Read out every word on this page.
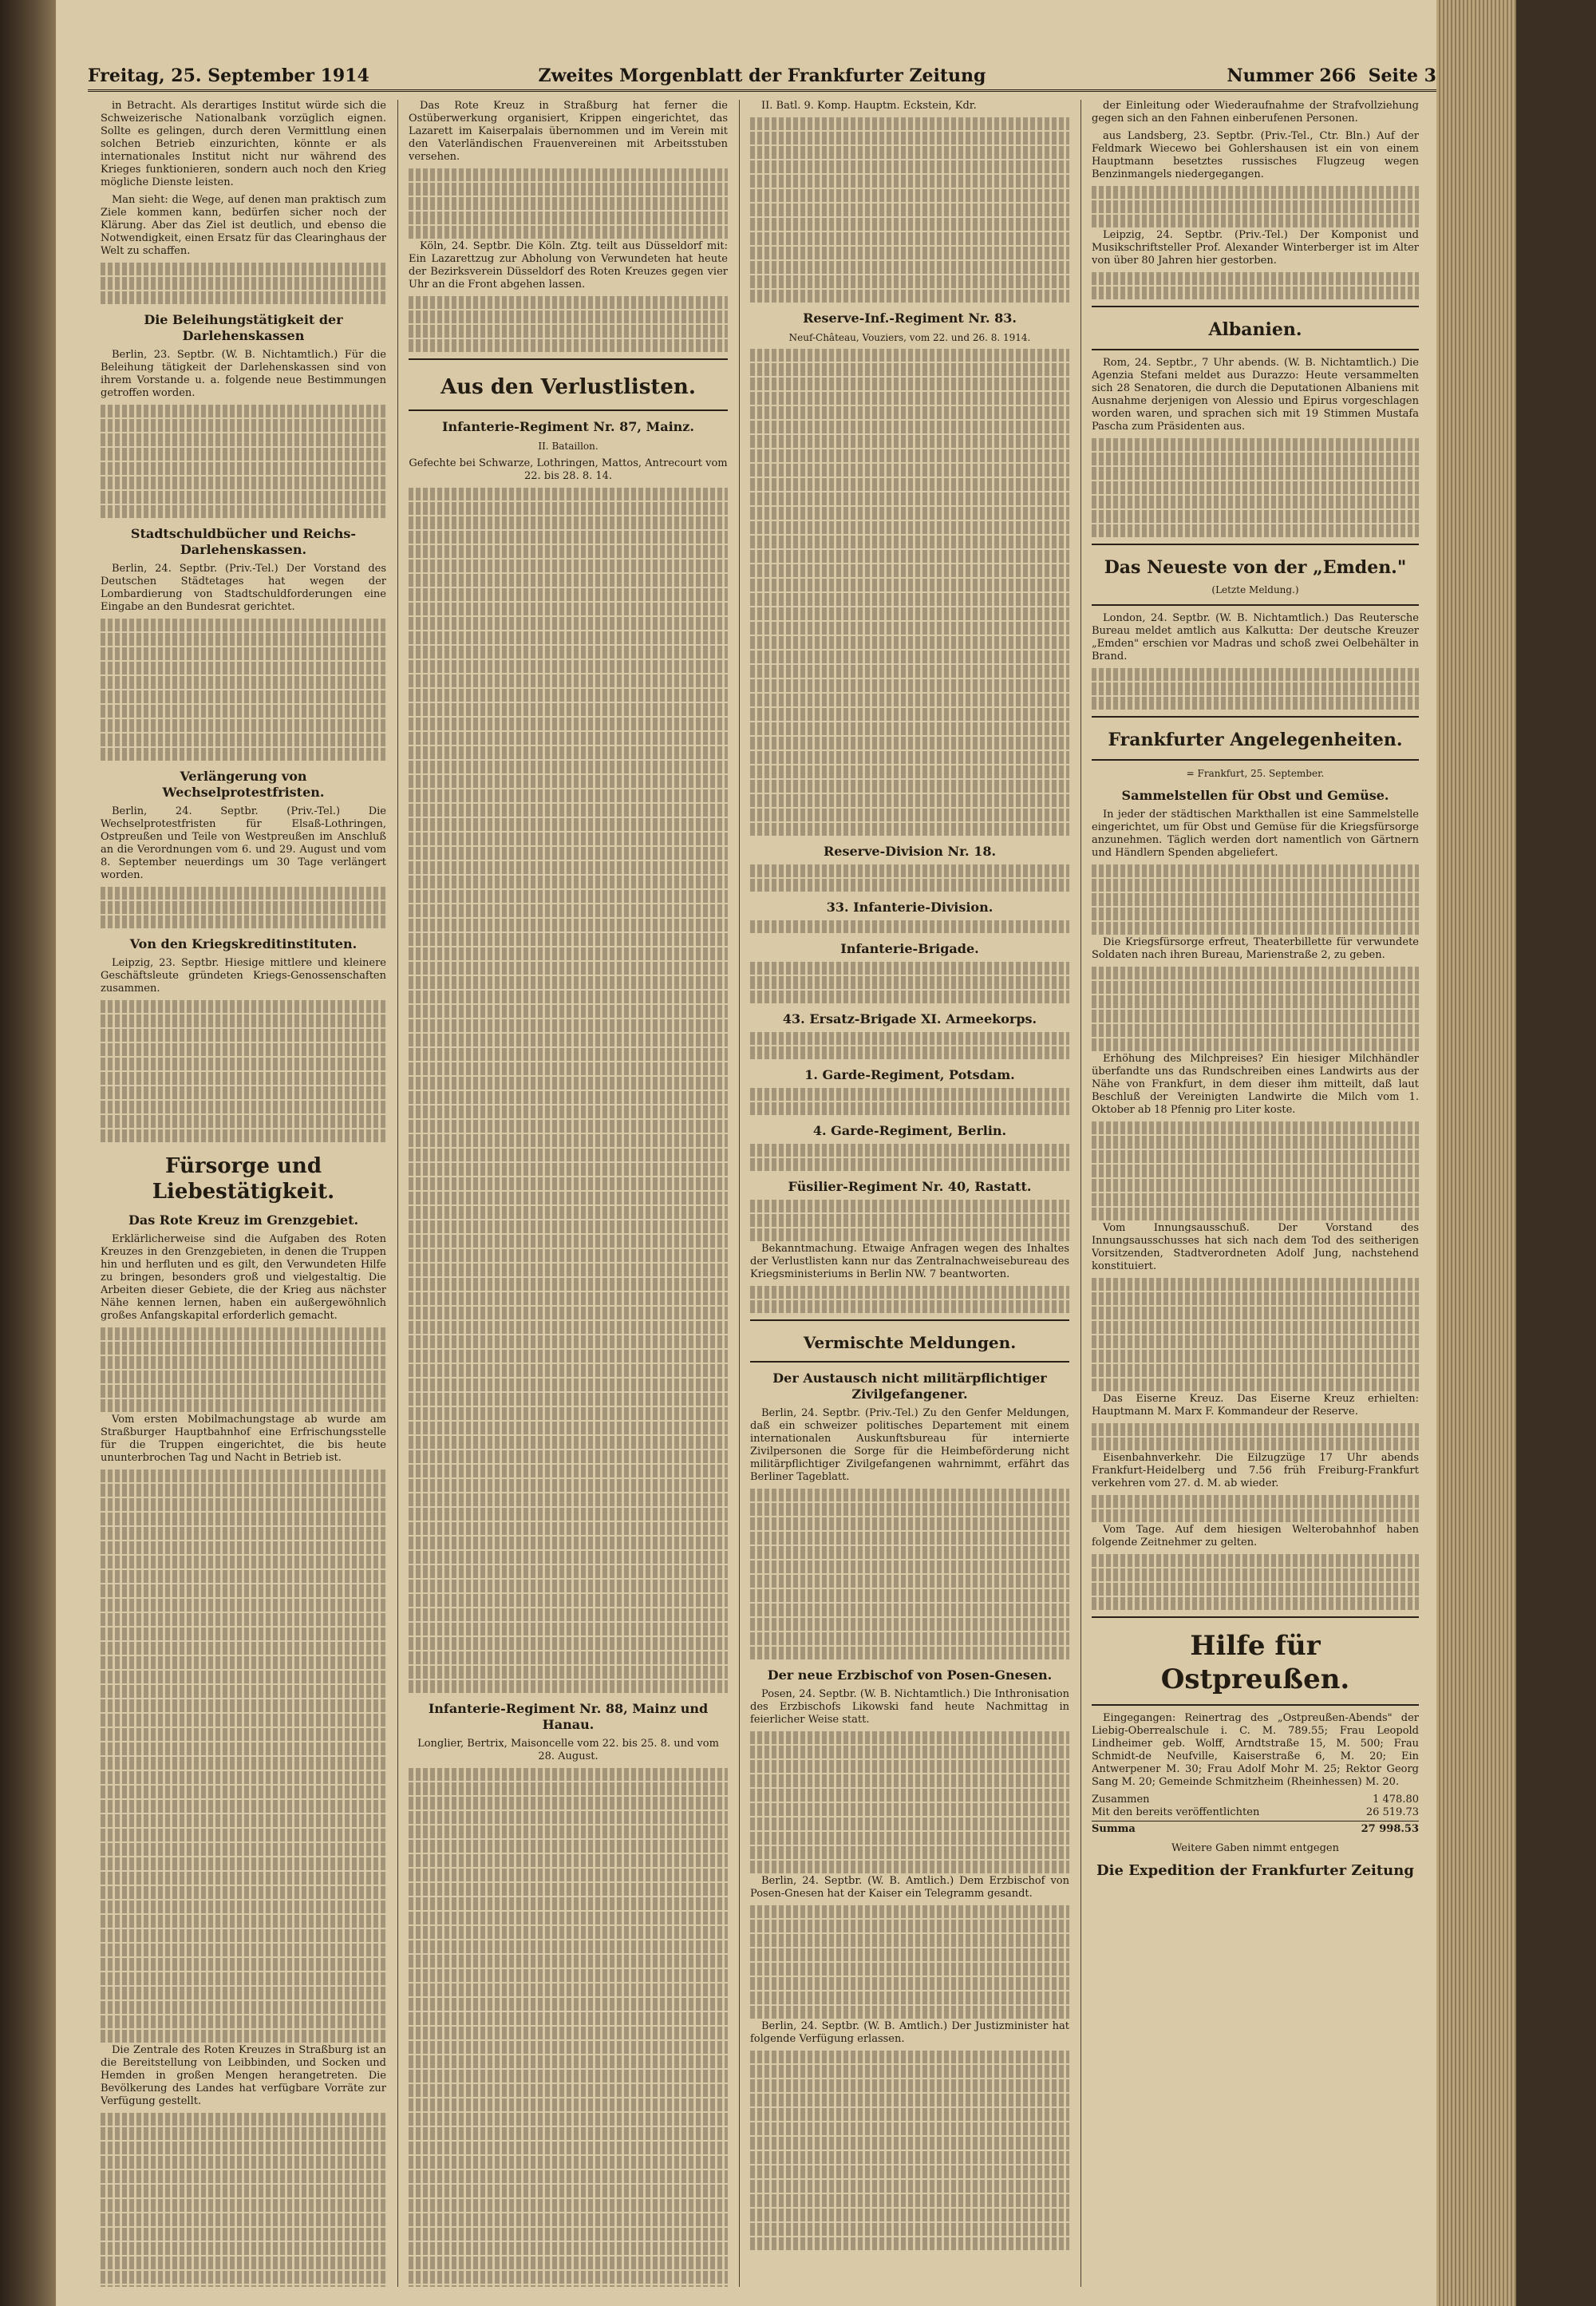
Freitag, 25. September 1914	Zweites Morgenblatt der Frankfurter Zeitung	Nummer 266 Seite 3

in Betracht. Als derartiges Institut würde sich die Schweizerische Nationalbank vorzüglich eignen. Sollte es gelingen, durch deren Vermittlung einen solchen Betrieb einzurichten, könnte er als internationales Institut nicht nur während des Krieges funktionieren, sondern auch noch den Krieg mögliche Dienste leisten.

Man sieht: die Wege, auf denen man praktisch zum Ziele kommen kann, bedürfen sicher noch der Klärung. Aber das Ziel ist deutlich, und ebenso die Notwendigkeit, einen Ersatz für das Clearinghaus der Welt zu schaffen.

Die Beleihungstätigkeit der Darlehenskassen

Berlin, 23. Septbr. (W. B. Nichtamtlich.) Für die Beleihung tätigkeit der Darlehenskassen sind von ihrem Vorstande u. a. folgende neue Bestimmungen getroffen worden.

Stadtschuldbücher und Reichs-Darlehenskassen.

Berlin, 24. Septbr. (Priv.-Tel.) Der Vorstand des Deutschen Städtetages hat wegen der Lombardierung von Stadtschuldforderungen eine Eingabe an den Bundesrat gerichtet.

Verlängerung von Wechselprotestfristen.

Berlin, 24. Septbr. (Priv.-Tel.) Die Wechselprotestfristen für Elsaß-Lothringen, Ostpreußen und Teile von Westpreußen im Anschluß an die Verordnungen vom 6. und 29. August und vom 8. September neuerdings um 30 Tage verlängert worden.

Von den Kriegskreditinstituten.

Leipzig, 23. Septbr. Hiesige mittlere und kleinere Geschäftsleute gründeten Kriegs-Genossenschaften zusammen.

Fürsorge und Liebestätigkeit.
Das Rote Kreuz im Grenzgebiet.

Erklärlicherweise sind die Aufgaben des Roten Kreuzes in den Grenzgebieten, in denen die Truppen hin und herfluten und es gilt, den Verwundeten Hilfe zu bringen, besonders groß und vielgestaltig. Die Arbeiten dieser Gebiete, die der Krieg aus nächster Nähe kennen lernen, haben ein außergewöhnlich großes Anfangskapital erforderlich gemacht.

Vom ersten Mobilmachungstage ab wurde am Straßburger Hauptbahnhof eine Erfrischungsstelle für die Truppen eingerichtet, die bis heute ununterbrochen Tag und Nacht in Betrieb ist.

Die Zentrale des Roten Kreuzes in Straßburg ist an die Bereitstellung von Leibbinden, und Socken und Hemden in großen Mengen herangetreten. Die Bevölkerung des Landes hat verfügbare Vorräte zur Verfügung gestellt.

Das Rote Kreuz in Straßburg hat ferner die Ostüberwerkung organisiert, Krippen eingerichtet, das Lazarett im Kaiserpalais übernommen und im Verein mit den Vaterländischen Frauenvereinen mit Arbeitsstuben versehen.

Köln, 24. Septbr. Die Köln. Ztg. teilt aus Düsseldorf mit: Ein Lazarettzug zur Abholung von Verwundeten hat heute der Bezirksverein Düsseldorf des Roten Kreuzes gegen vier Uhr an die Front abgehen lassen.

Aus den Verlustlisten.
Infanterie-Regiment Nr. 87, Mainz.
II. Bataillon.

Gefechte bei Schwarze, Lothringen, Mattos, Antrecourt vom 22. bis 28. 8. 14.

Infanterie-Regiment Nr. 88, Mainz und Hanau.

Longlier, Bertrix, Maisoncelle vom 22. bis 25. 8. und vom 28. August.

II. Batl. 9. Komp. Hauptm. Eckstein, Kdr.

Reserve-Inf.-Regiment Nr. 83.
Neuf-Château, Vouziers, vom 22. und 26. 8. 1914.
Reserve-Division Nr. 18.
33. Infanterie-Division.
Infanterie-Brigade.
43. Ersatz-Brigade XI. Armeekorps.
1. Garde-Regiment, Potsdam.
4. Garde-Regiment, Berlin.
Füsilier-Regiment Nr. 40, Rastatt.

Bekanntmachung. Etwaige Anfragen wegen des Inhaltes der Verlustlisten kann nur das Zentralnachweisebureau des Kriegsministeriums in Berlin NW. 7 beantworten.

Vermischte Meldungen.
Der Austausch nicht militärpflichtiger Zivilgefangener.

Berlin, 24. Septbr. (Priv.-Tel.) Zu den Genfer Meldungen, daß ein schweizer politisches Departement mit einem internationalen Auskunftsbureau für internierte Zivilpersonen die Sorge für die Heimbeförderung nicht militärpflichtiger Zivilgefangenen wahrnimmt, erfährt das Berliner Tageblatt.

Der neue Erzbischof von Posen-Gnesen.

Posen, 24. Septbr. (W. B. Nichtamtlich.) Die Inthronisation des Erzbischofs Likowski fand heute Nachmittag in feierlicher Weise statt.

Berlin, 24. Septbr. (W. B. Amtlich.) Dem Erzbischof von Posen-Gnesen hat der Kaiser ein Telegramm gesandt.

Berlin, 24. Septbr. (W. B. Amtlich.) Der Justizminister hat folgende Verfügung erlassen.

der Einleitung oder Wiederaufnahme der Strafvollziehung gegen sich an den Fahnen einberufenen Personen.

aus Landsberg, 23. Septbr. (Priv.-Tel., Ctr. Bln.) Auf der Feldmark Wiecewo bei Gohlershausen ist ein von einem Hauptmann besetztes russisches Flugzeug wegen Benzinmangels niedergegangen.

Leipzig, 24. Septbr. (Priv.-Tel.) Der Komponist und Musikschriftsteller Prof. Alexander Winterberger ist im Alter von über 80 Jahren hier gestorben.

Albanien.

Rom, 24. Septbr., 7 Uhr abends. (W. B. Nichtamtlich.) Die Agenzia Stefani meldet aus Durazzo: Heute versammelten sich 28 Senatoren, die durch die Deputationen Albaniens mit Ausnahme derjenigen von Alessio und Epirus vorgeschlagen worden waren, und sprachen sich mit 19 Stimmen Mustafa Pascha zum Präsidenten aus.

Das Neueste von der „Emden."
(Letzte Meldung.)

London, 24. Septbr. (W. B. Nichtamtlich.) Das Reutersche Bureau meldet amtlich aus Kalkutta: Der deutsche Kreuzer „Emden" erschien vor Madras und schoß zwei Oelbehälter in Brand.

Frankfurter Angelegenheiten.
= Frankfurt, 25. September.
Sammelstellen für Obst und Gemüse.

In jeder der städtischen Markthallen ist eine Sammelstelle eingerichtet, um für Obst und Gemüse für die Kriegsfürsorge anzunehmen. Täglich werden dort namentlich von Gärtnern und Händlern Spenden abgeliefert.

Die Kriegsfürsorge erfreut, Theaterbillette für verwundete Soldaten nach ihren Bureau, Marienstraße 2, zu geben.

Erhöhung des Milchpreises? Ein hiesiger Milchhändler überfandte uns das Rundschreiben eines Landwirts aus der Nähe von Frankfurt, in dem dieser ihm mitteilt, daß laut Beschluß der Vereinigten Landwirte die Milch vom 1. Oktober ab 18 Pfennig pro Liter koste.

Vom Innungsausschuß. Der Vorstand des Innungsausschusses hat sich nach dem Tod des seitherigen Vorsitzenden, Stadtverordneten Adolf Jung, nachstehend konstituiert.

Das Eiserne Kreuz. Das Eiserne Kreuz erhielten: Hauptmann M. Marx F. Kommandeur der Reserve.

Eisenbahnverkehr. Die Eilzugzüge 17 Uhr abends Frankfurt-Heidelberg und 7.56 früh Freiburg-Frankfurt verkehren vom 27. d. M. ab wieder.

Vom Tage. Auf dem hiesigen Welterobahnhof haben folgende Zeitnehmer zu gelten.

Hilfe für Ostpreußen.

Eingegangen: Reinertrag des „Ostpreußen-Abends" der Liebig-Oberrealschule i. C. M. 789.55; Frau Leopold Lindheimer geb. Wolff, Arndtstraße 15, M. 500; Frau Schmidt-de Neufville, Kaiserstraße 6, M. 20; Ein Antwerpener M. 30; Frau Adolf Mohr M. 25; Rektor Georg Sang M. 20; Gemeinde Schmitzheim (Rheinhessen) M. 20.

Zusammen	1 478.80
Mit den bereits veröffentlichten	26 519.73
Summa	27 998.53
Weitere Gaben nimmt entgegen
Die Expedition der Frankfurter Zeitung
